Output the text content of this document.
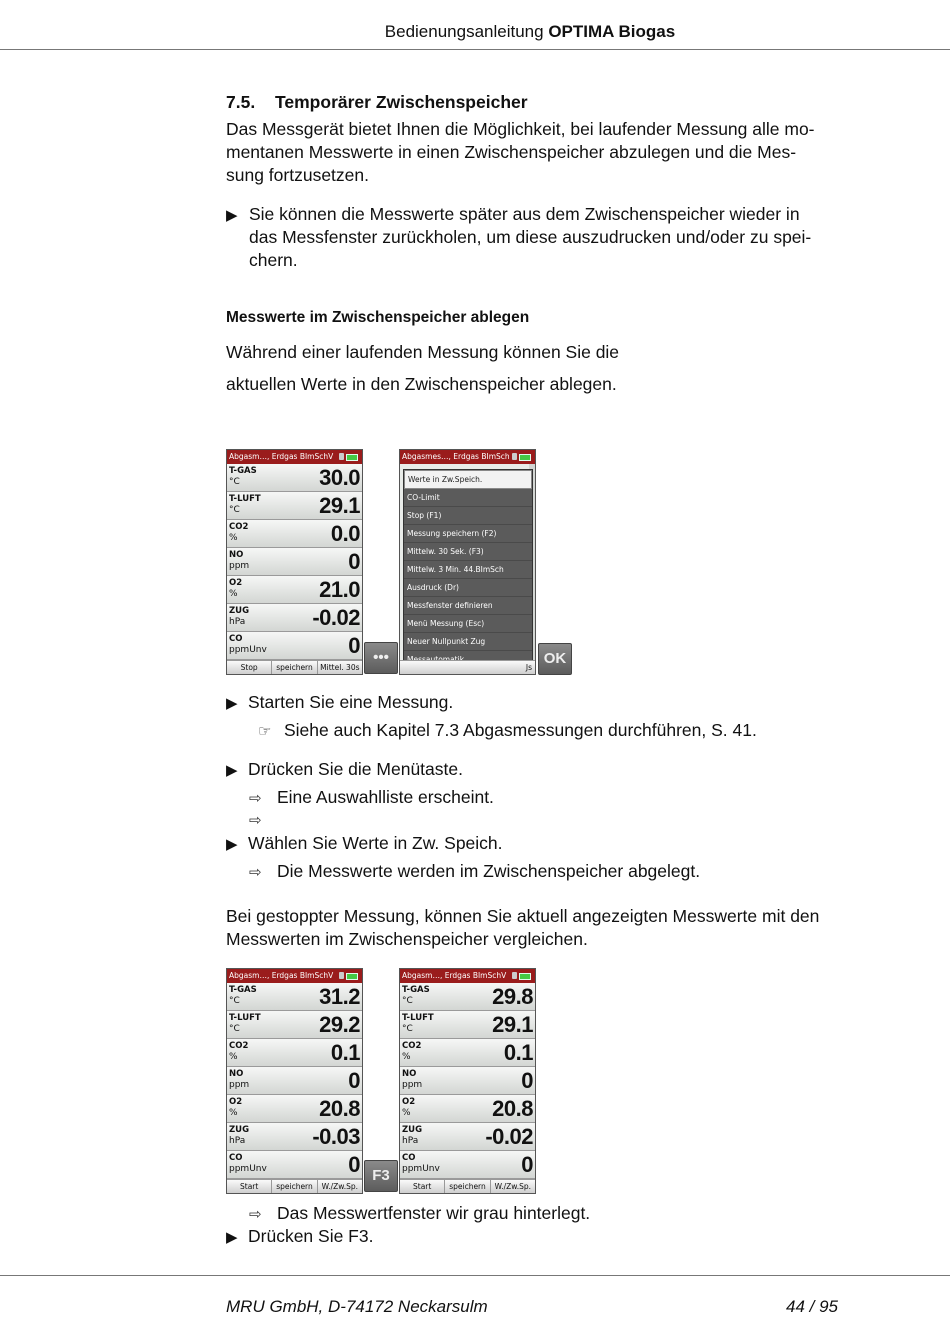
Bedienungsanleitung OPTIMA Biogas
7.5. Temporärer Zwischenspeicher
Das Messgerät bietet Ihnen die Möglichkeit, bei laufender Messung alle mo-
mentanen Messwerte in einen Zwischenspeicher abzulegen und die Mes-
sung fortzusetzen.
▶ Sie können die Messwerte später aus dem Zwischenspeicher wieder in
das Messfenster zurückholen, um diese auszudrucken und/oder zu spei-
chern.
Messwerte im Zwischenspeicher ablegen
Während einer laufenden Messung können Sie die
aktuellen Werte in den Zwischenspeicher ablegen.
Abgasm…, Erdgas BImSchV
T-GAS
°C	30.0
T-LUFT
°C	29.1
CO2
%	0.0
NO
ppm	0
O2
%	21.0
ZUG
hPa	-0.02
CO
ppmUnv	0
Stop	speichern Mittel. 30s
•••
Abgasmes…, Erdgas BImSch
Werte in Zw.Speich.
CO-Limit
Stop (F1)
Messung speichern (F2)
Mittelw. 30 Sek. (F3)
Mittelw. 3 Min. 44.BImSch
Ausdruck (Dr)
Messfenster definieren
Menü Messung (Esc)
Neuer Nullpunkt Zug
Js
OK
▶ Starten Sie eine Messung.
☞ Siehe auch Kapitel 7.3 Abgasmessungen durchführen, S. 41.
▶ Drücken Sie die Menütaste.
⇨ Eine Auswahlliste erscheint.
⇨
▶ Wählen Sie Werte in Zw. Speich.
⇨ Die Messwerte werden im Zwischenspeicher abgelegt.
Bei gestoppter Messung, können Sie aktuell angezeigten Messwerte mit den
Messwerten im Zwischenspeicher vergleichen.
Abgasm…, Erdgas BImSchV
T-GAS
°C	31.2
T-LUFT
°C	29.2
CO2
%	0.1
NO
ppm	0
O2
%	20.8
ZUG
hPa	-0.03
CO
ppmUnv	0
Start	speichern	W./Zw.Sp.
F3
Abgasm…, Erdgas BImSchV
T-GAS
°C	29.8
T-LUFT
°C	29.1
CO2
%	0.1
NO
ppm	0
O2
%	20.8
ZUG
hPa	-0.02
CO
ppmUnv	0
Start	speichern	W./Zw.Sp.
⇨ Das Messwertfenster wir grau hinterlegt.
▶ Drücken Sie F3.
MRU GmbH, D-74172 Neckarsulm	44 / 95
